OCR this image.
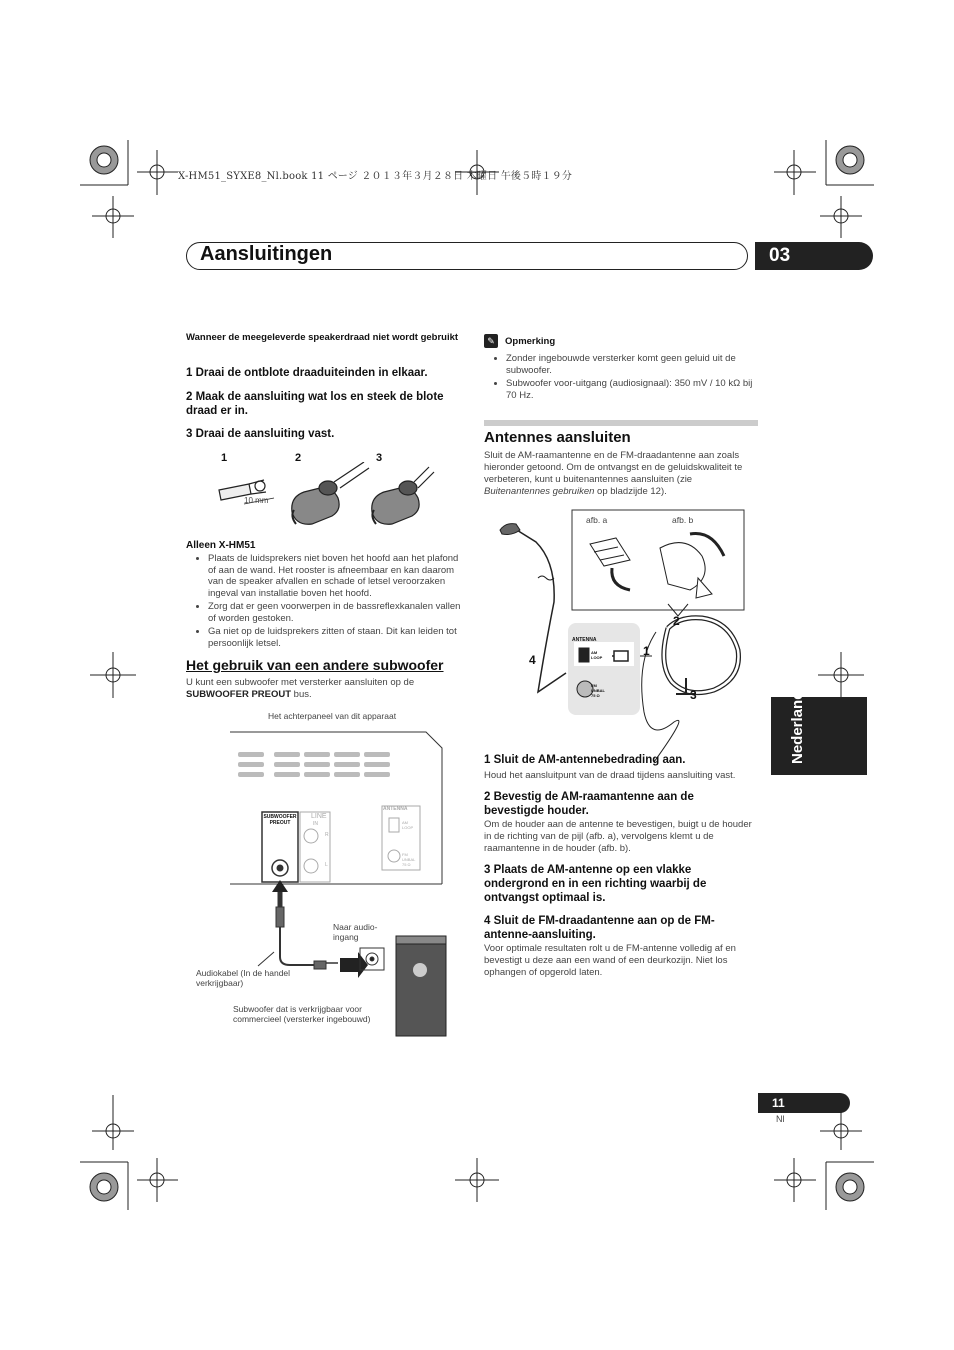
X-HM51_SYXE8_Nl.book 11 ページ ２０１３年３月２８日 木曜日 午後５時１９分
Aansluitingen	03
Wanneer de meegeleverde speakerdraad niet wordt gebruikt
1 Draai de ontblote draaduiteinden in elkaar.
2 Maak de aansluiting wat los en steek de blote draad er in.
3 Draai de aansluiting vast.
1	2	3
10 mm
Alleen X-HM51
• Plaats de luidsprekers niet boven het hoofd aan het plafond of aan de wand. Het rooster is afneembaar en kan daarom van de speaker afvallen en schade of letsel veroorzaken ingeval van installatie boven het hoofd.
• Zorg dat er geen voorwerpen in de bassreflexkanalen vallen of worden gestoken.
• Ga niet op de luidsprekers zitten of staan. Dit kan leiden tot persoonlijk letsel.
Het gebruik van een andere subwoofer
U kunt een subwoofer met versterker aansluiten op de SUBWOOFER PREOUT bus.
Het achterpaneel van dit apparaat
SUBWOOFER PREOUT
LINE
IN
R
L
ANTENNA
AM LOOP
FM UNBAL 75 Ω
Naar audio-ingang
Audiokabel (In de handel verkrijgbaar)
Subwoofer dat is verkrijgbaar voor commercieel (versterker ingebouwd)
✎	Opmerking
• Zonder ingebouwde versterker komt geen geluid uit de subwoofer.
• Subwoofer voor-uitgang (audiosignaal): 350 mV / 10 kΩ bij 70 Hz.
Antennes aansluiten
Sluit de AM-raamantenne en de FM-draadantenne aan zoals hieronder getoond. Om de ontvangst en de geluidskwaliteit te verbeteren, kunt u buitenantennes aansluiten (zie Buitenantennes gebruiken op bladzijde 12).
afb. a	afb. b
1
2
3
4
ANTENNA
AM LOOP
FM UNBAL 75 Ω
1 Sluit de AM-antennebedrading aan.
Houd het aansluitpunt van de draad tijdens aansluiting vast.
2 Bevestig de AM-raamantenne aan de bevestigde houder.
Om de houder aan de antenne te bevestigen, buigt u de houder in de richting van de pijl (afb. a), vervolgens klemt u de raamantenne in de houder (afb. b).
3 Plaats de AM-antenne op een vlakke ondergrond en in een richting waarbij de ontvangst optimaal is.
4 Sluit de FM-draadantenne aan op de FM-antenne-aansluiting.
Voor optimale resultaten rolt u de FM-antenne volledig af en bevestigt u deze aan een wand of een deurkozijn. Niet los ophangen of opgerold laten.
Nederlands
11
Nl
